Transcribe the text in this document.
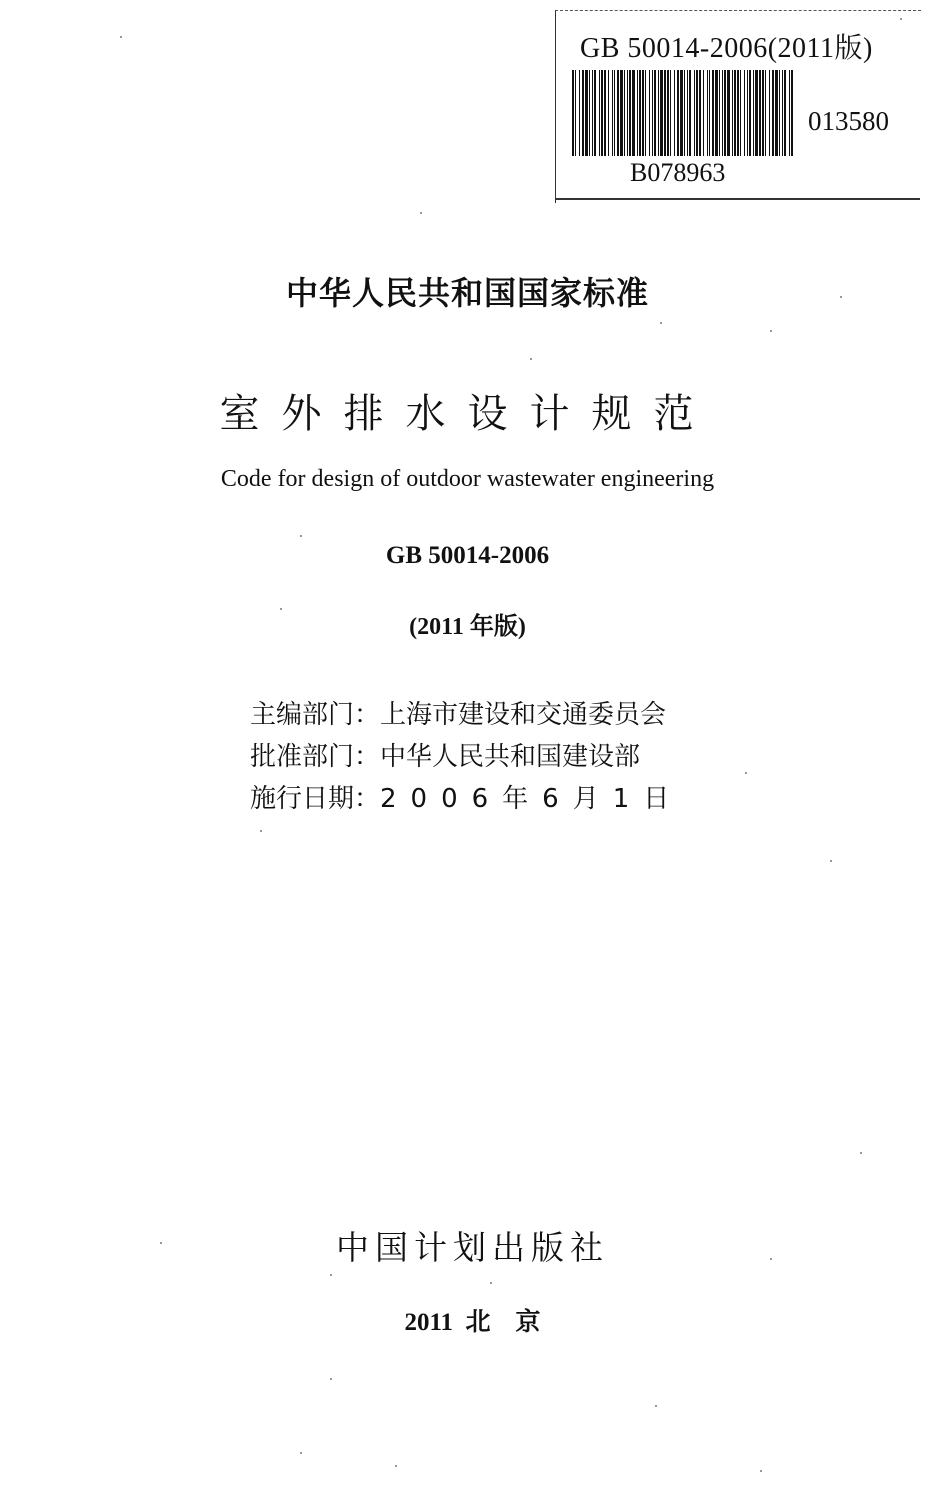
GB 50014-2006(2011版)
B078963
013580
中华人民共和国国家标准
室外排水设计规范
Code for design of outdoor wastewater engineering
GB 50014-2006
(2011 年版)
主编部门：上海市建设和交通委员会
批准部门：中华人民共和国建设部
施行日期：2006年6月1日
中国计划出版社
2011  北    京
